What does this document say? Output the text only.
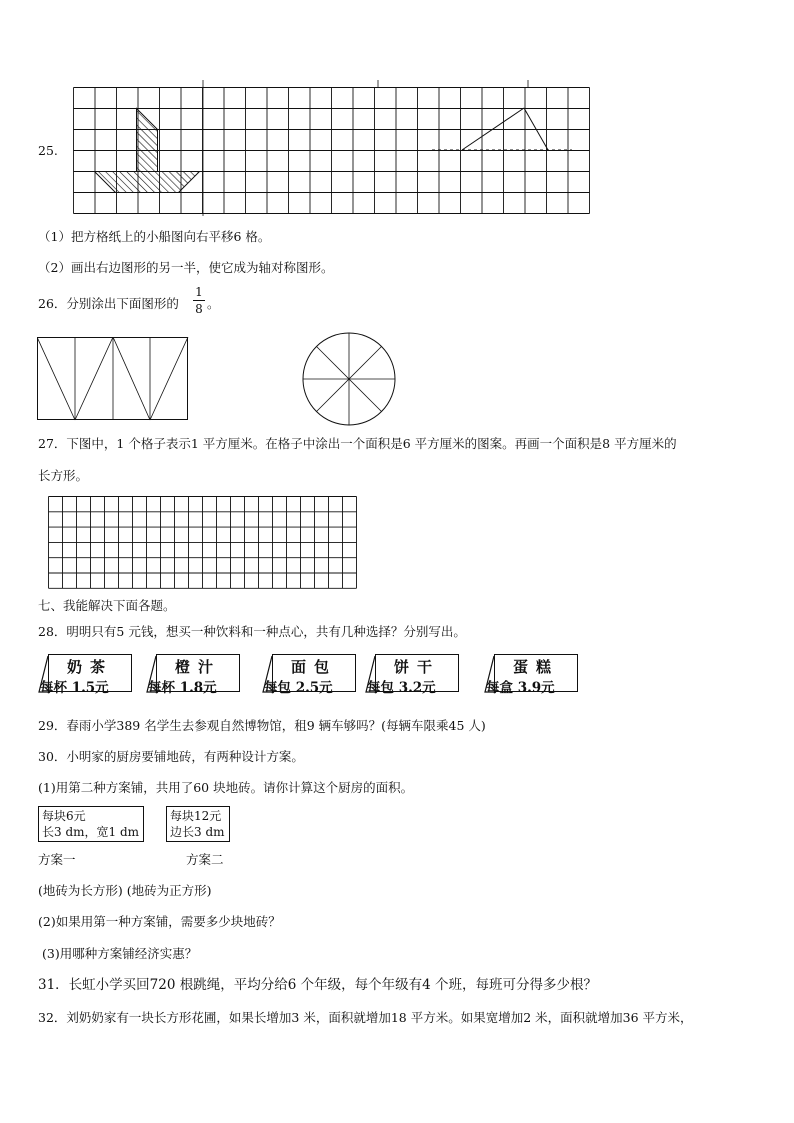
25.
（1）把方格纸上的小船图向右平移6 格。
（2）画出右边图形的另一半，使它成为轴对称图形。
26．分别涂出下面图形的
1
8 。
27．下图中，1 个格子表示1 平方厘米。在格子中涂出一个面积是6 平方厘米的图案。再画一个面积是8 平方厘米的
长方形。
七、我能解决下面各题。
28．明明只有5 元钱，想买一种饮料和一种点心，共有几种选择？分别写出。
奶茶
每杯 1.5元
橙汁
每杯 1.8元
面包
每包 2.5元
饼干
每包 3.2元
蛋糕
每盒 3.9元
29．春雨小学389 名学生去参观自然博物馆，租9 辆车够吗？(每辆车限乘45 人)
30．小明家的厨房要铺地砖，有两种设计方案。
(1)用第二种方案铺，共用了60 块地砖。请你计算这个厨房的面积。
每块6元
长3 dm，宽1 dm
每块12元
边长3 dm
方案一	方案二
(地砖为长方形) (地砖为正方形)
(2)如果用第一种方案铺，需要多少块地砖？
(3)用哪种方案铺经济实惠？
31．长虹小学买回720 根跳绳，平均分给6 个年级，每个年级有4 个班，每班可分得多少根？
32．刘奶奶家有一块长方形花圃，如果长增加3 米，面积就增加18 平方米。如果宽增加2 米，面积就增加36 平方米，
